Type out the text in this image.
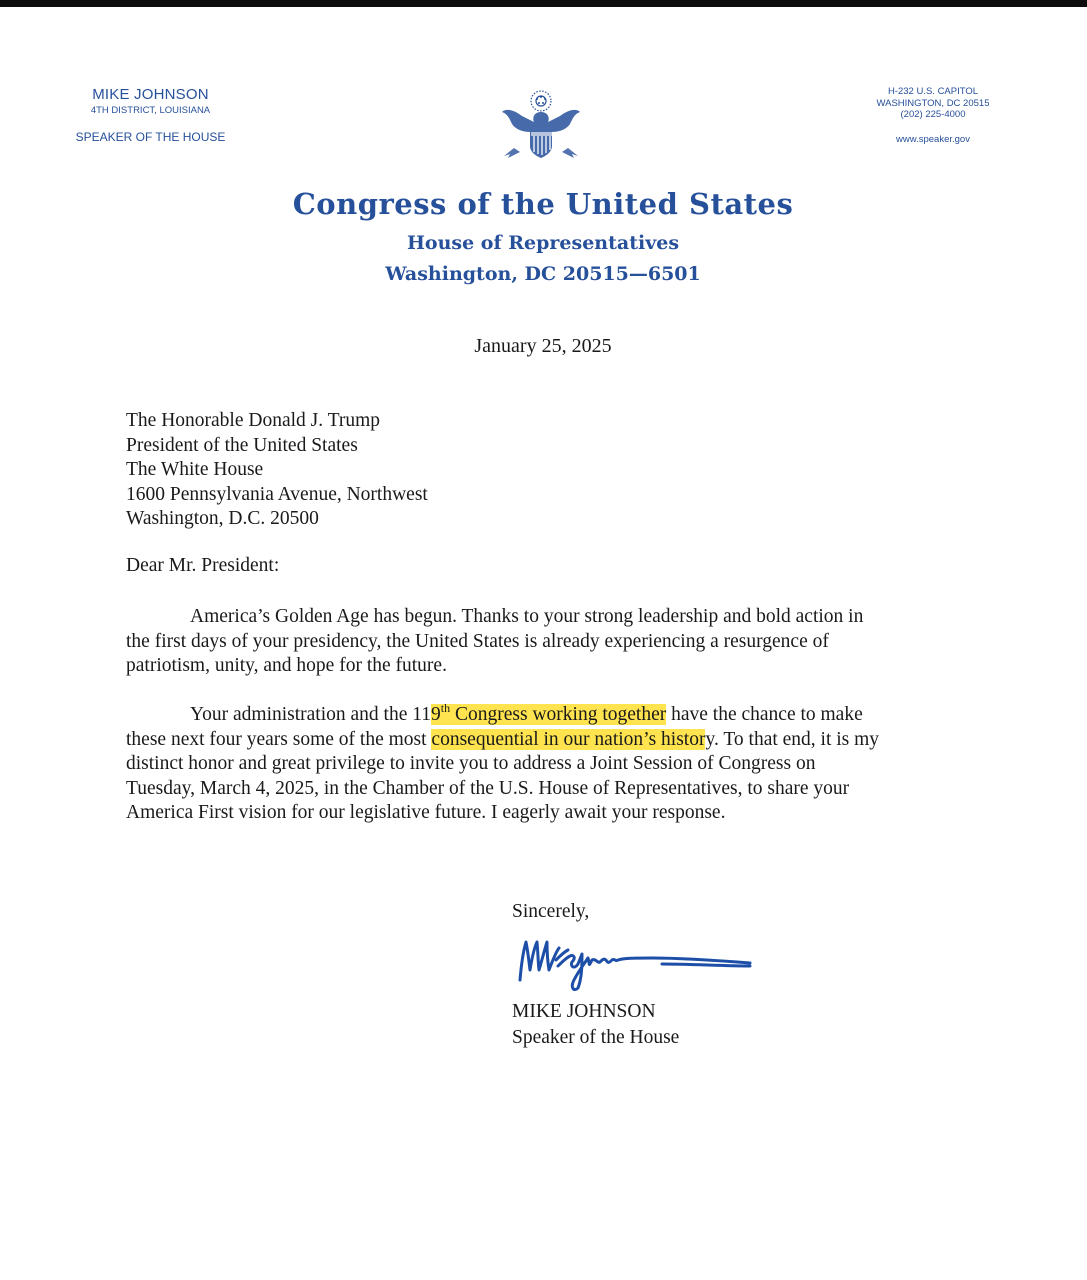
MIKE JOHNSON
4TH DISTRICT, LOUISIANA
SPEAKER OF THE HOUSE
H-232 U.S. CAPITOL
WASHINGTON, DC 20515
(202) 225-4000
www.speaker.gov
Congress of the United States
House of Representatives
Washington, DC 20515—6501
January 25, 2025
The Honorable Donald J. Trump
President of the United States
The White House
1600 Pennsylvania Avenue, Northwest
Washington, D.C. 20500
Dear Mr. President:
America’s Golden Age has begun. Thanks to your strong leadership and bold action in
the first days of your presidency, the United States is already experiencing a resurgence of
patriotism, unity, and hope for the future.
Your administration and the 119th Congress working together have the chance to make
these next four years some of the most consequential in our nation’s history. To that end, it is my
distinct honor and great privilege to invite you to address a Joint Session of Congress on
Tuesday, March 4, 2025, in the Chamber of the U.S. House of Representatives, to share your
America First vision for our legislative future. I eagerly await your response.
Sincerely,
MIKE JOHNSON
Speaker of the House
